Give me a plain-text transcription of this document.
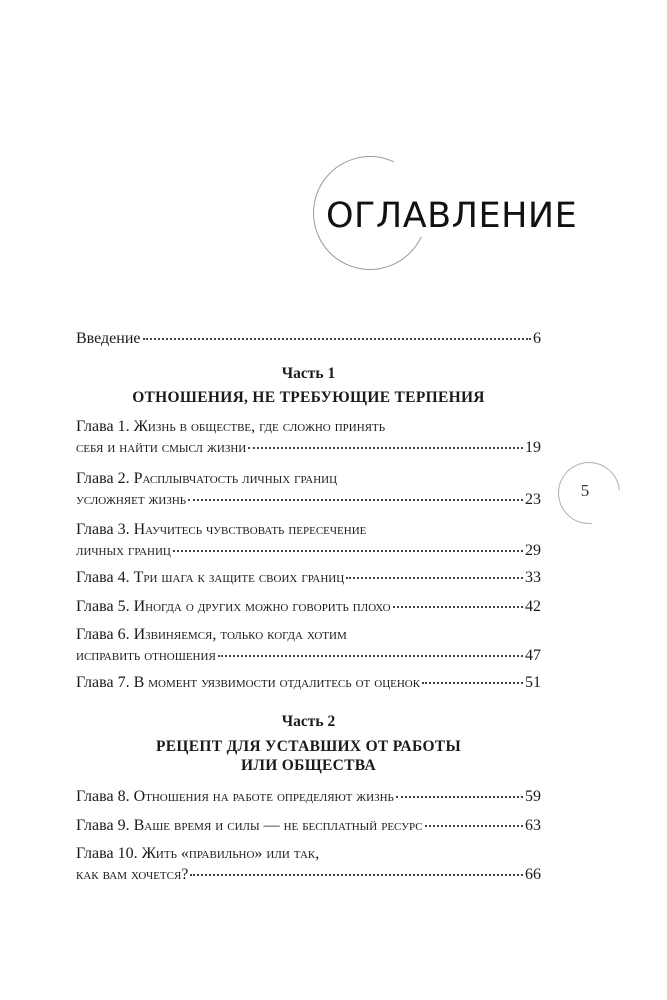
ОГЛАВЛЕНИЕ
5
Введение	6
Часть 1
ОТНОШЕНИЯ, НЕ ТРЕБУЮЩИЕ ТЕРПЕНИЯ
Глава 1. Жизнь в обществе, где сложно принять
себя и найти смысл жизни	19
Глава 2. Расплывчатость личных границ
усложняет жизнь	23
Глава 3. Научитесь чувствовать пересечение
личных границ	29
Глава 4. Три шага к защите своих границ	33
Глава 5. Иногда о других можно говорить плохо	42
Глава 6. Извиняемся, только когда хотим
исправить отношения	47
Глава 7. В момент уязвимости отдалитесь от оценок	51
Часть 2
РЕЦЕПТ ДЛЯ УСТАВШИХ ОТ РАБОТЫ
ИЛИ ОБЩЕСТВА
Глава 8. Отношения на работе определяют жизнь	59
Глава 9. Ваше время и силы — не бесплатный ресурс	63
Глава 10. Жить «правильно» или так,
как вам хочется?	66
